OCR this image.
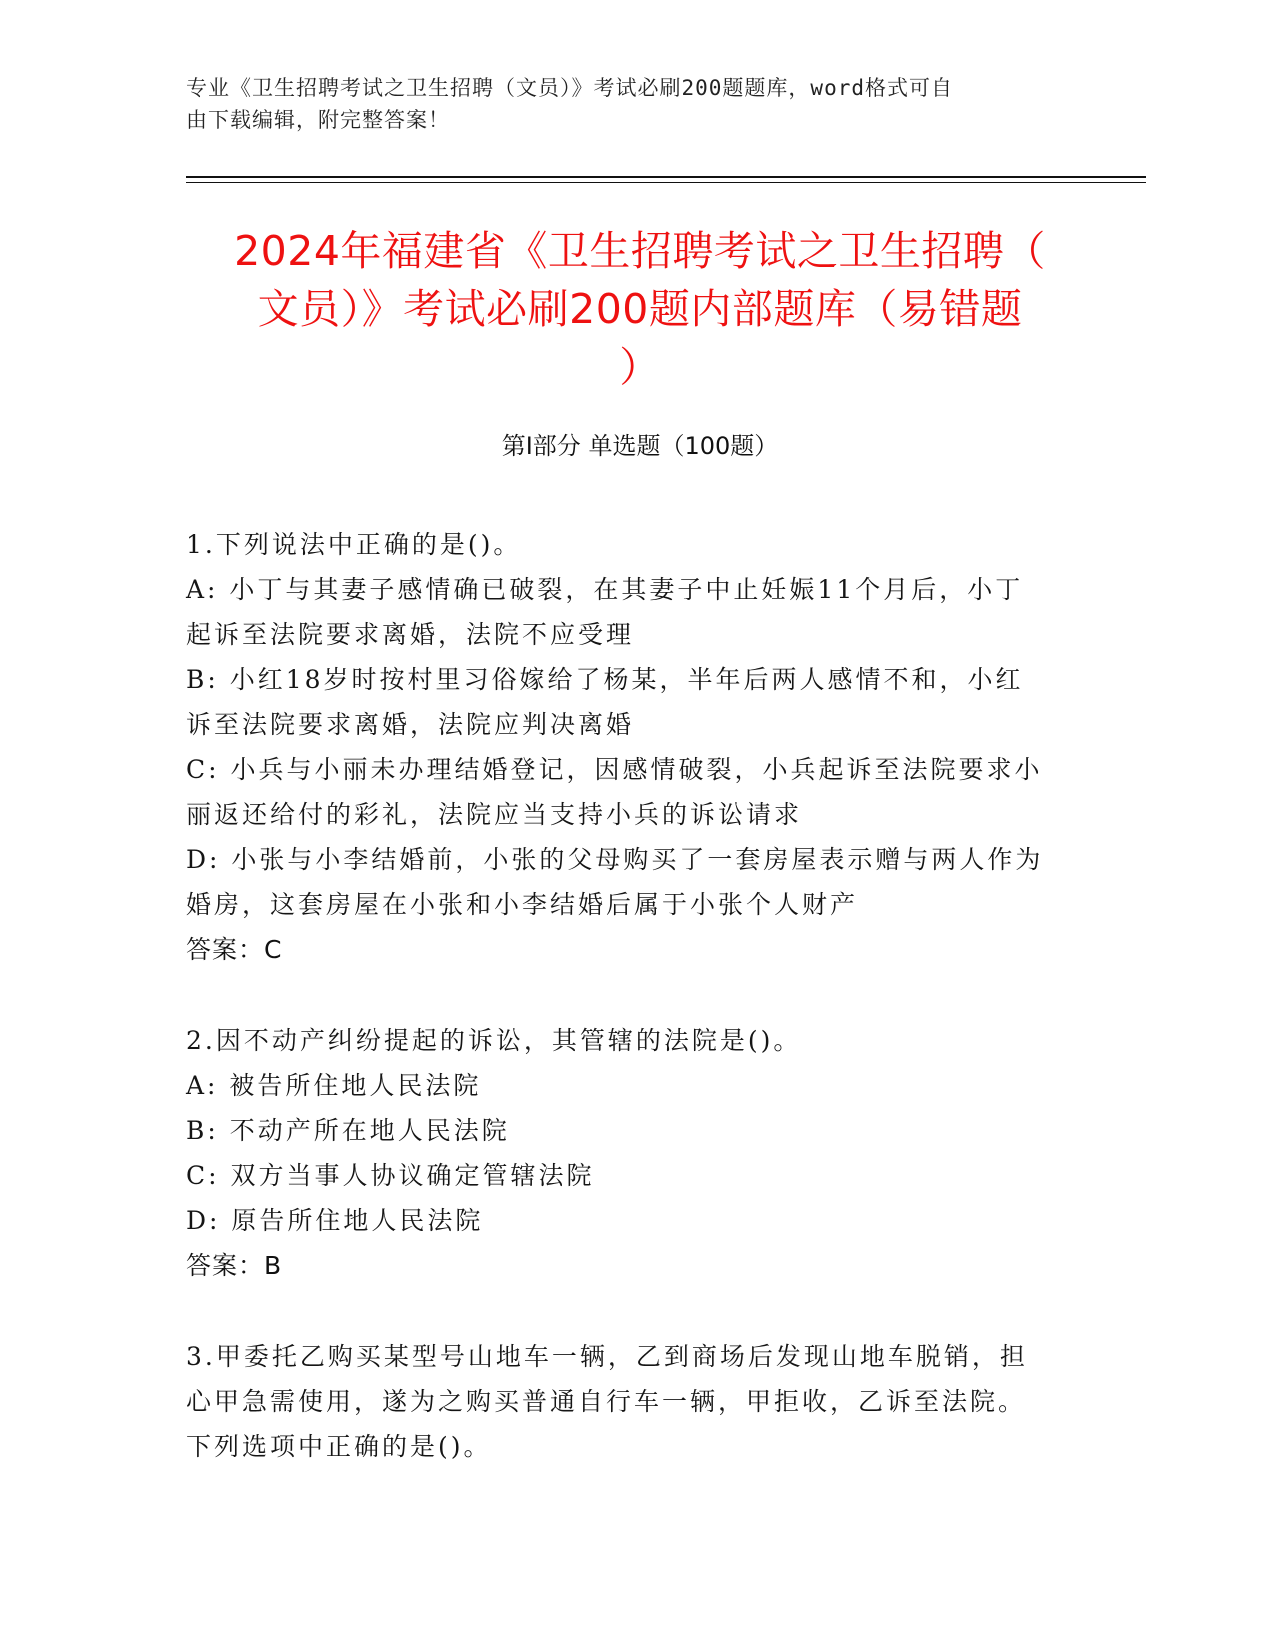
专业《卫生招聘考试之卫生招聘（文员）》考试必刷200题题库，word格式可自
由下载编辑，附完整答案！
2024年福建省《卫生招聘考试之卫生招聘（
文员）》考试必刷200题内部题库（易错题
）
第Ⅰ部分 单选题（100题）
1.下列说法中正确的是()。
A: 小丁与其妻子感情确已破裂，在其妻子中止妊娠11个月后，小丁
起诉至法院要求离婚，法院不应受理
B: 小红18岁时按村里习俗嫁给了杨某，半年后两人感情不和，小红
诉至法院要求离婚，法院应判决离婚
C: 小兵与小丽未办理结婚登记，因感情破裂，小兵起诉至法院要求小
丽返还给付的彩礼，法院应当支持小兵的诉讼请求
D: 小张与小李结婚前，小张的父母购买了一套房屋表示赠与两人作为
婚房，这套房屋在小张和小李结婚后属于小张个人财产
答案：C
2.因不动产纠纷提起的诉讼，其管辖的法院是()。
A: 被告所住地人民法院
B: 不动产所在地人民法院
C: 双方当事人协议确定管辖法院
D: 原告所住地人民法院
答案：B
3.甲委托乙购买某型号山地车一辆，乙到商场后发现山地车脱销，担
心甲急需使用，遂为之购买普通自行车一辆，甲拒收，乙诉至法院。
下列选项中正确的是()。
